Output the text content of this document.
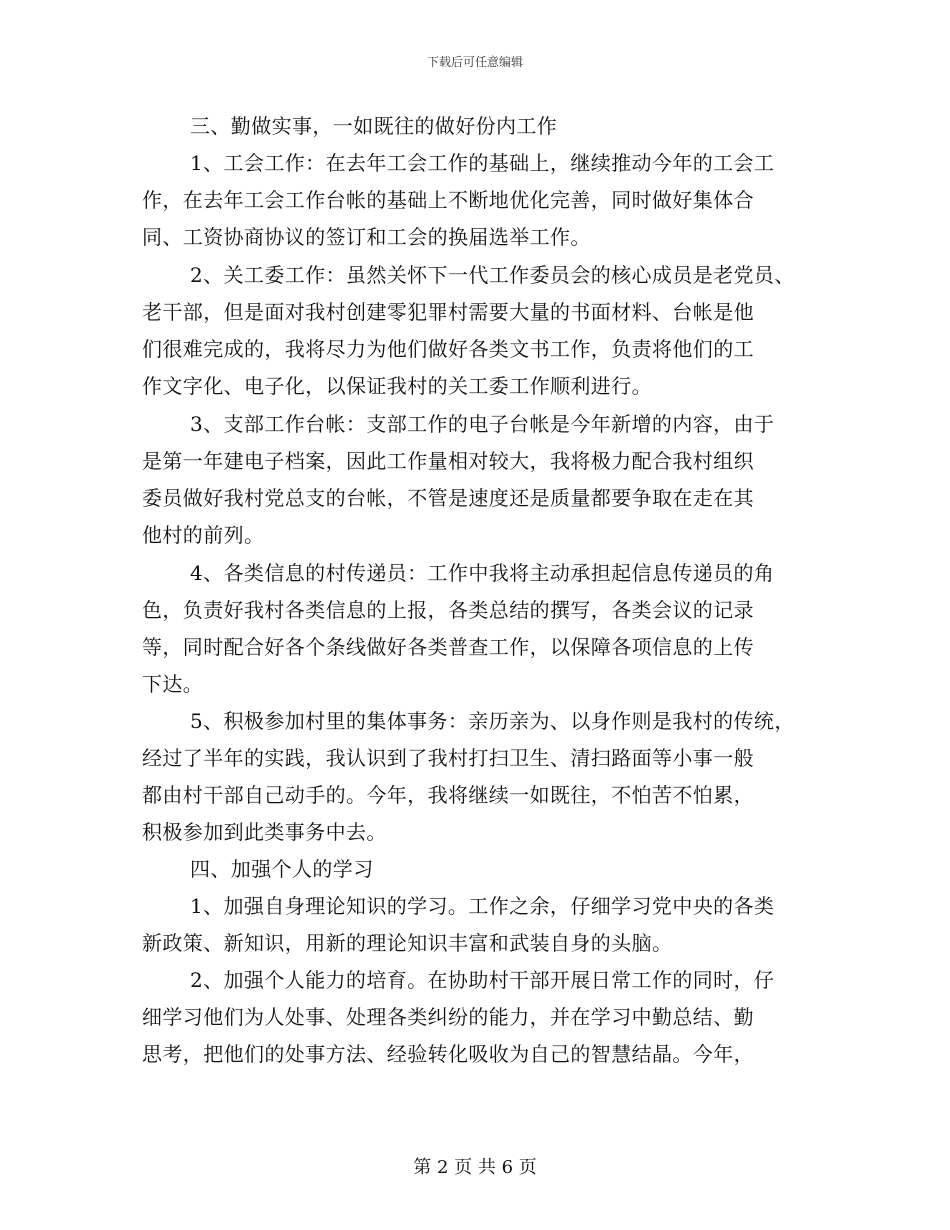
下载后可任意编辑
三、勤做实事，一如既往的做好份内工作
1、工会工作：在去年工会工作的基础上，继续推动今年的工会工
作，在去年工会工作台帐的基础上不断地优化完善，同时做好集体合
同、工资协商协议的签订和工会的换届选举工作。
2、关工委工作：虽然关怀下一代工作委员会的核心成员是老党员、
老干部，但是面对我村创建零犯罪村需要大量的书面材料、台帐是他
们很难完成的，我将尽力为他们做好各类文书工作，负责将他们的工
作文字化、电子化，以保证我村的关工委工作顺利进行。
3、支部工作台帐：支部工作的电子台帐是今年新增的内容，由于
是第一年建电子档案，因此工作量相对较大，我将极力配合我村组织
委员做好我村党总支的台帐，不管是速度还是质量都要争取在走在其
他村的前列。
4、各类信息的村传递员：工作中我将主动承担起信息传递员的角
色，负责好我村各类信息的上报，各类总结的撰写，各类会议的记录
等，同时配合好各个条线做好各类普查工作，以保障各项信息的上传
下达。
5、积极参加村里的集体事务：亲历亲为、以身作则是我村的传统，
经过了半年的实践，我认识到了我村打扫卫生、清扫路面等小事一般
都由村干部自己动手的。今年，我将继续一如既往，不怕苦不怕累，
积极参加到此类事务中去。
四、加强个人的学习
1、加强自身理论知识的学习。工作之余，仔细学习党中央的各类
新政策、新知识，用新的理论知识丰富和武装自身的头脑。
2、加强个人能力的培育。在协助村干部开展日常工作的同时，仔
细学习他们为人处事、处理各类纠纷的能力，并在学习中勤总结、勤
思考，把他们的处事方法、经验转化吸收为自己的智慧结晶。今年，
第 2 页 共 6 页
